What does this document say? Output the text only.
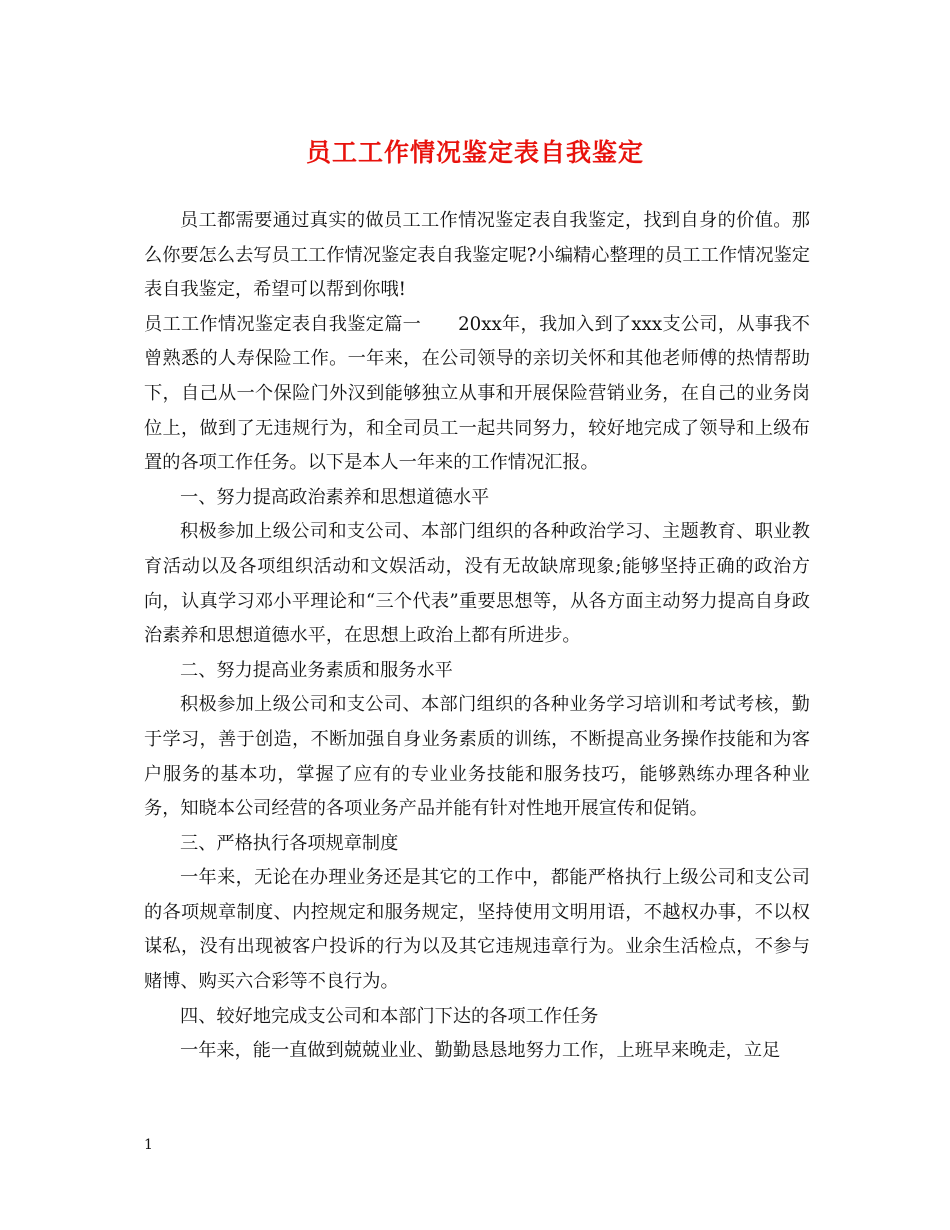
员工工作情况鉴定表自我鉴定

员工都需要通过真实的做员工工作情况鉴定表自我鉴定，找到自身的价值。那么你要怎么去写员工工作情况鉴定表自我鉴定呢?小编精心整理的员工工作情况鉴定表自我鉴定，希望可以帮到你哦!

员工工作情况鉴定表自我鉴定篇一　　20xx年，我加入到了xxx支公司，从事我不曾熟悉的人寿保险工作。一年来，在公司领导的亲切关怀和其他老师傅的热情帮助下，自己从一个保险门外汉到能够独立从事和开展保险营销业务，在自己的业务岗位上，做到了无违规行为，和全司员工一起共同努力，较好地完成了领导和上级布置的各项工作任务。以下是本人一年来的工作情况汇报。

一、努力提高政治素养和思想道德水平

积极参加上级公司和支公司、本部门组织的各种政治学习、主题教育、职业教育活动以及各项组织活动和文娱活动，没有无故缺席现象;能够坚持正确的政治方向，认真学习邓小平理论和“三个代表”重要思想等，从各方面主动努力提高自身政治素养和思想道德水平，在思想上政治上都有所进步。

二、努力提高业务素质和服务水平

积极参加上级公司和支公司、本部门组织的各种业务学习培训和考试考核，勤于学习，善于创造，不断加强自身业务素质的训练，不断提高业务操作技能和为客户服务的基本功，掌握了应有的专业业务技能和服务技巧，能够熟练办理各种业务，知晓本公司经营的各项业务产品并能有针对性地开展宣传和促销。

三、严格执行各项规章制度

一年来，无论在办理业务还是其它的工作中，都能严格执行上级公司和支公司的各项规章制度、内控规定和服务规定，坚持使用文明用语，不越权办事，不以权谋私，没有出现被客户投诉的行为以及其它违规违章行为。业余生活检点，不参与赌博、购买六合彩等不良行为。

四、较好地完成支公司和本部门下达的各项工作任务

一年来，能一直做到兢兢业业、勤勤恳恳地努力工作，上班早来晚走，立足

1
